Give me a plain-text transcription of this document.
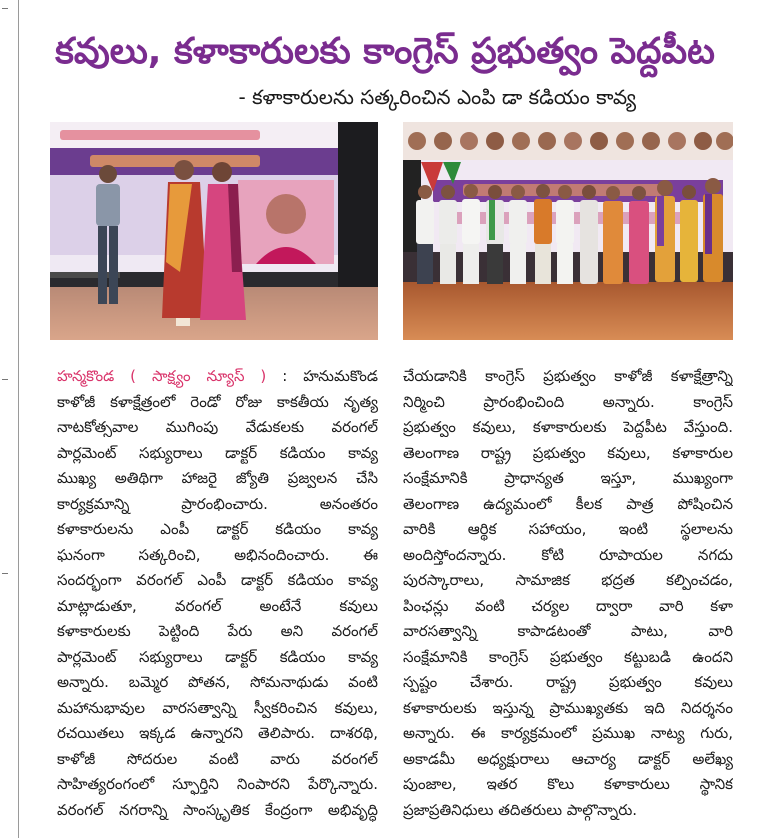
కవులు, కళాకారులకు కాంగ్రెస్ ప్రభుత్వం పెద్దపీట
- కళాకారులను సత్కరించిన ఎంపి డా కడియం కావ్య
హన్మకొండ ( సాక్ష్యం న్యూస్ ) : హనుమకొండ
కాళోజీ కళాక్షేత్రంలో రెండో రోజు కాకతీయ నృత్య
నాటకోత్సవాల ముగింపు వేడుకలకు వరంగల్
పార్లమెంట్ సభ్యురాలు డాక్టర్ కడియం కావ్య
ముఖ్య అతిథిగా హాజరై జ్యోతి ప్రజ్వలన చేసి
కార్యక్రమాన్ని ప్రారంభించారు. అనంతరం
కళాకారులను ఎంపీ డాక్టర్ కడియం కావ్య
ఘనంగా సత్కరించి, అభినందించారు. ఈ
సందర్భంగా వరంగల్ ఎంపీ డాక్టర్ కడియం కావ్య
మాట్లాడుతూ, వరంగల్ అంటేనే కవులు
కళాకారులకు పెట్టింది పేరు అని వరంగల్
పార్లమెంట్ సభ్యురాలు డాక్టర్ కడియం కావ్య
అన్నారు. బమ్మెర పోతన, సోమనాథుడు వంటి
మహానుభావుల వారసత్వాన్ని స్వీకరించిన కవులు,
రచయితలు ఇక్కడ ఉన్నారని తెలిపారు. దాశరథి,
కాళోజీ సోదరుల వంటి వారు వరంగల్
సాహిత్యరంగంలో స్ఫూర్తిని నింపారని పేర్కొన్నారు.
వరంగల్ నగరాన్ని సాంస్కృతిక కేంద్రంగా అభివృద్ధి
చేయడానికి కాంగ్రెస్ ప్రభుత్వం కాళోజీ కళాక్షేత్రాన్ని
నిర్మించి ప్రారంభించింది అన్నారు. కాంగ్రెస్
ప్రభుత్వం కవులు, కళాకారులకు పెద్దపీట వేస్తుంది.
తెలంగాణ రాష్ట్ర ప్రభుత్వం కవులు, కళాకారుల
సంక్షేమానికి ప్రాధాన్యత ఇస్తూ, ముఖ్యంగా
తెలంగాణ ఉద్యమంలో కీలక పాత్ర పోషించిన
వారికి ఆర్థిక సహాయం, ఇంటి స్థలాలను
అందిస్తోందన్నారు. కోటి రూపాయల నగదు
పురస్కారాలు, సామాజిక భద్రత కల్పించడం,
పింఛన్లు వంటి చర్యల ద్వారా వారి కళా
వారసత్వాన్ని కాపాడటంతో పాటు, వారి
సంక్షేమానికి కాంగ్రెస్ ప్రభుత్వం కట్టుబడి ఉందని
స్పష్టం చేశారు. రాష్ట్ర ప్రభుత్వం కవులు
కళాకారులకు ఇస్తున్న ప్రాముఖ్యతకు ఇది నిదర్శనం
అన్నారు. ఈ కార్యక్రమంలో ప్రముఖ నాట్య గురు,
అకాడమీ అధ్యక్షురాలు ఆచార్య డాక్టర్ అలేఖ్య
పుంజాల, ఇతర కొలు కళాకారులు స్థానిక
ప్రజాప్రతినిధులు తదితరులు పాల్గొన్నారు.
